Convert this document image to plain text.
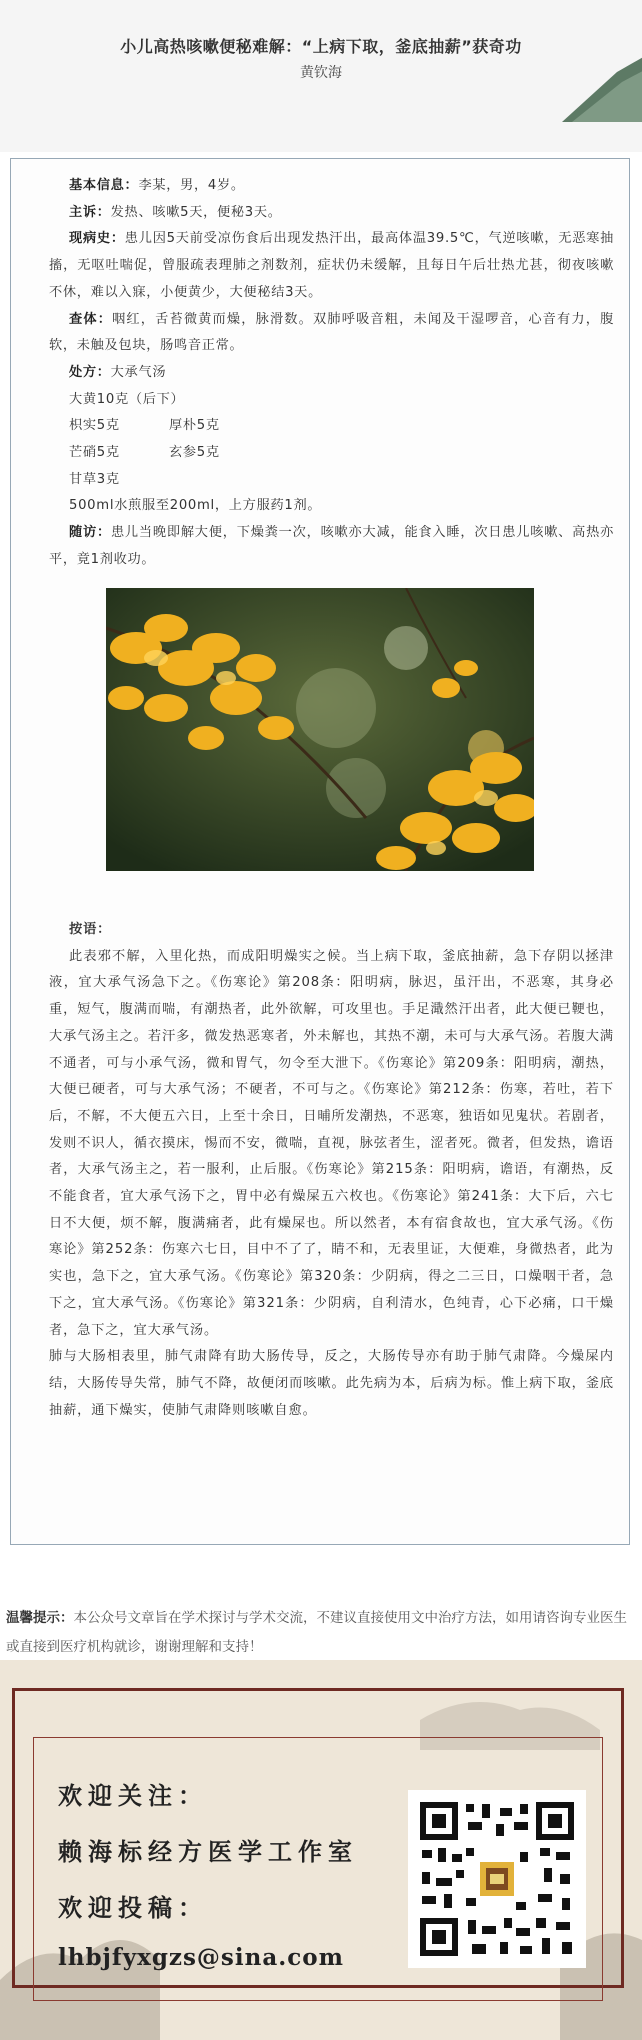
小儿高热咳嗽便秘难解：“上病下取，釜底抽薪”获奇功
黄钦海

基本信息：李某，男，4岁。

主诉：发热、咳嗽5天，便秘3天。

现病史：患儿因5天前受凉伤食后出现发热汗出，最高体温39.5℃，气逆咳嗽，无恶寒抽搐，无呕吐喘促，曾服疏表理肺之剂数剂，症状仍未缓解，且每日午后壮热尤甚，彻夜咳嗽不休，难以入寐，小便黄少，大便秘结3天。

查体：咽红，舌苔微黄而燥，脉滑数。双肺呼吸音粗，未闻及干湿啰音，心音有力，腹软，未触及包块，肠鸣音正常。

处方：大承气汤

大黄10克（后下）

枳实5克	厚朴5克
芒硝5克	玄参5克

甘草3克

500ml水煎服至200ml，上方服药1剂。

随访：患儿当晚即解大便，下燥粪一次，咳嗽亦大减，能食入睡，次日患儿咳嗽、高热亦平，竟1剂收功。

按语：

此表邪不解，入里化热，而成阳明燥实之候。当上病下取，釜底抽薪，急下存阴以拯津液，宜大承气汤急下之。《伤寒论》第208条：阳明病，脉迟，虽汗出，不恶寒，其身必重，短气，腹满而喘，有潮热者，此外欲解，可攻里也。手足濈然汗出者，此大便已鞕也，大承气汤主之。若汗多，微发热恶寒者，外未解也，其热不潮，未可与大承气汤。若腹大满不通者，可与小承气汤，微和胃气，勿令至大泄下。《伤寒论》第209条：阳明病，潮热，大便已硬者，可与大承气汤；不硬者，不可与之。《伤寒论》第212条：伤寒，若吐，若下后，不解，不大便五六日，上至十余日，日晡所发潮热，不恶寒，独语如见鬼状。若剧者，发则不识人，循衣摸床，惕而不安，微喘，直视，脉弦者生，涩者死。微者，但发热，谵语者，大承气汤主之，若一服利，止后服。《伤寒论》第215条：阳明病，谵语，有潮热，反不能食者，宜大承气汤下之，胃中必有燥屎五六枚也。《伤寒论》第241条：大下后，六七日不大便，烦不解，腹满痛者，此有燥屎也。所以然者，本有宿食故也，宜大承气汤。《伤寒论》第252条：伤寒六七日，目中不了了，睛不和，无表里证，大便难，身微热者，此为实也，急下之，宜大承气汤。《伤寒论》第320条：少阴病，得之二三日，口燥咽干者，急下之，宜大承气汤。《伤寒论》第321条：少阴病，自利清水，色纯青，心下必痛，口干燥者，急下之，宜大承气汤。

肺与大肠相表里，肺气肃降有助大肠传导，反之，大肠传导亦有助于肺气肃降。今燥屎内结，大肠传导失常，肺气不降，故便闭而咳嗽。此先病为本，后病为标。惟上病下取，釜底抽薪，通下燥实，使肺气肃降则咳嗽自愈。

温馨提示：本公众号文章旨在学术探讨与学术交流，不建议直接使用文中治疗方法，如用请咨询专业医生或直接到医疗机构就诊，谢谢理解和支持！
欢迎关注：
赖海标经方医学工作室
欢迎投稿：
lhbjfyxgzs@sina.com
